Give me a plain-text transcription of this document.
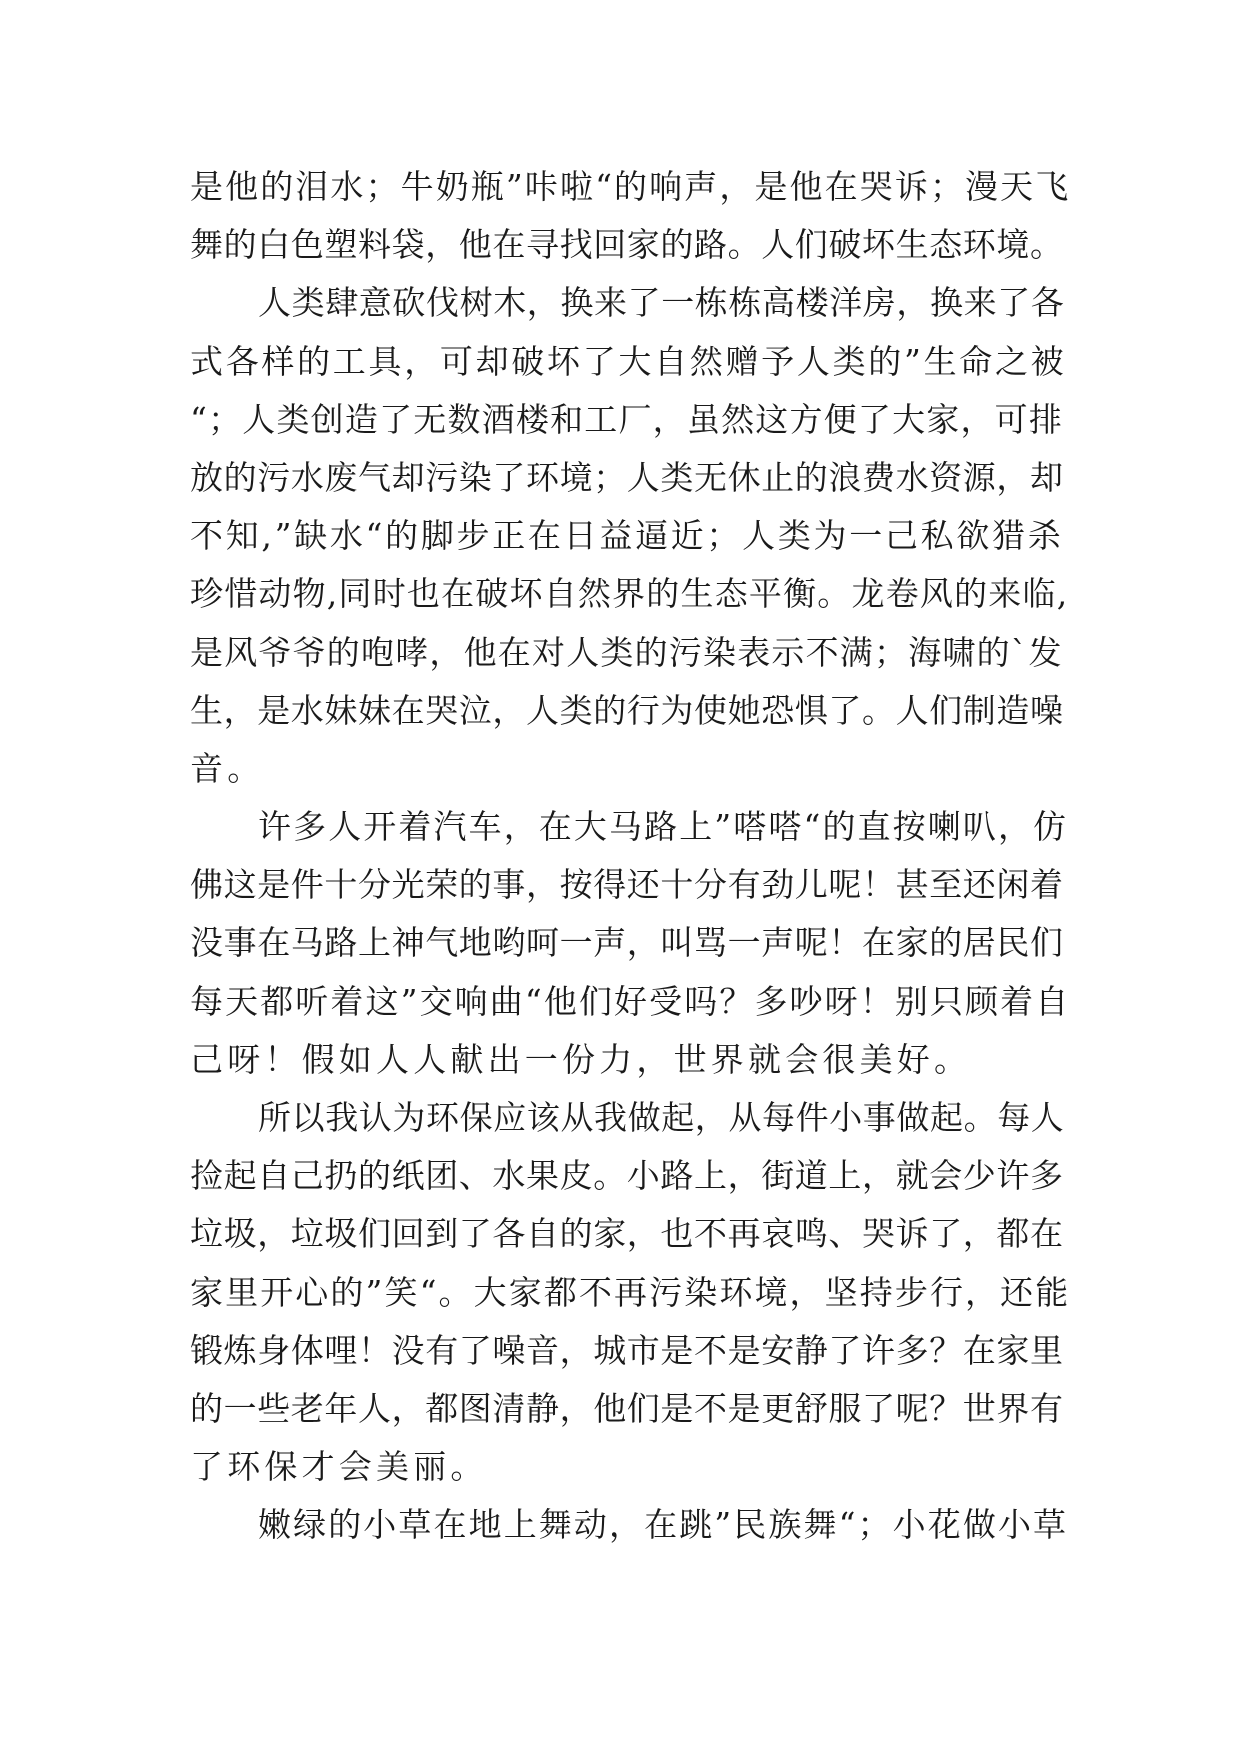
是他的泪水；牛奶瓶”咔啦“的响声，是他在哭诉；漫天飞
舞的白色塑料袋，他在寻找回家的路。人们破坏生态环境。
人类肆意砍伐树木，换来了一栋栋高楼洋房，换来了各
式各样的工具，可却破坏了大自然赠予人类的”生命之被
“；人类创造了无数酒楼和工厂，虽然这方便了大家，可排
放的污水废气却污染了环境；人类无休止的浪费水资源，却
不知,”缺水“的脚步正在日益逼近；人类为一己私欲猎杀
珍惜动物,同时也在破坏自然界的生态平衡。龙卷风的来临,
是风爷爷的咆哮，他在对人类的污染表示不满；海啸的`发
生，是水妹妹在哭泣，人类的行为使她恐惧了。人们制造噪
音。
许多人开着汽车，在大马路上”嗒嗒“的直按喇叭，仿
佛这是件十分光荣的事，按得还十分有劲儿呢！甚至还闲着
没事在马路上神气地哟呵一声，叫骂一声呢！在家的居民们
每天都听着这”交响曲“他们好受吗？多吵呀！别只顾着自
己呀！假如人人献出一份力，世界就会很美好。
所以我认为环保应该从我做起，从每件小事做起。每人
捡起自己扔的纸团、水果皮。小路上，街道上，就会少许多
垃圾，垃圾们回到了各自的家，也不再哀鸣、哭诉了，都在
家里开心的”笑“。大家都不再污染环境，坚持步行，还能
锻炼身体哩！没有了噪音，城市是不是安静了许多？在家里
的一些老年人，都图清静，他们是不是更舒服了呢？世界有
了环保才会美丽。
嫩绿的小草在地上舞动，在跳”民族舞“；小花做小草
